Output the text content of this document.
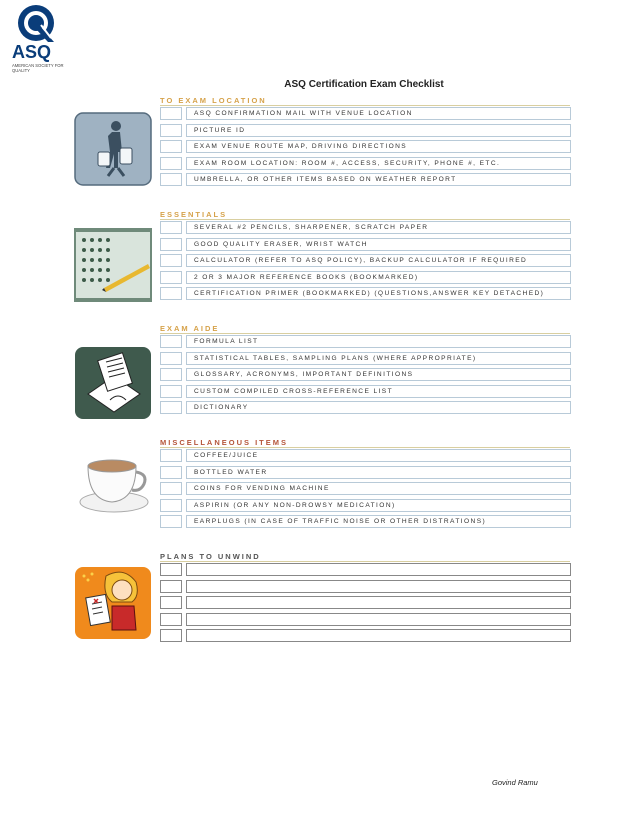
ASQ
AMERICAN SOCIETY FOR QUALITY
ASQ Certification Exam Checklist
TO EXAM LOCATION
ASQ CONFIRMATION MAIL WITH VENUE LOCATION
PICTURE ID
EXAM VENUE ROUTE MAP, DRIVING DIRECTIONS
EXAM ROOM LOCATION: ROOM #, ACCESS, SECURITY, PHONE #, ETC.
UMBRELLA, OR OTHER ITEMS BASED ON WEATHER REPORT
ESSENTIALS
SEVERAL #2 PENCILS, SHARPENER, SCRATCH PAPER
GOOD QUALITY ERASER, WRIST WATCH
CALCULATOR (REFER TO ASQ POLICY), BACKUP CALCULATOR IF REQUIRED
2 OR 3 MAJOR REFERENCE BOOKS (BOOKMARKED)
CERTIFICATION PRIMER (BOOKMARKED) (QUESTIONS,ANSWER KEY DETACHED)
EXAM AIDE
FORMULA LIST
STATISTICAL TABLES, SAMPLING PLANS (WHERE APPROPRIATE)
GLOSSARY, ACRONYMS, IMPORTANT DEFINITIONS
CUSTOM COMPILED CROSS-REFERENCE LIST
DICTIONARY
MISCELLANEOUS ITEMS
COFFEE/JUICE
BOTTLED WATER
COINS FOR VENDING MACHINE
ASPIRIN (OR ANY NON-DROWSY MEDICATION)
EARPLUGS (IN CASE OF TRAFFIC NOISE OR OTHER DISTRATIONS)
PLANS TO UNWIND
Govind Ramu
